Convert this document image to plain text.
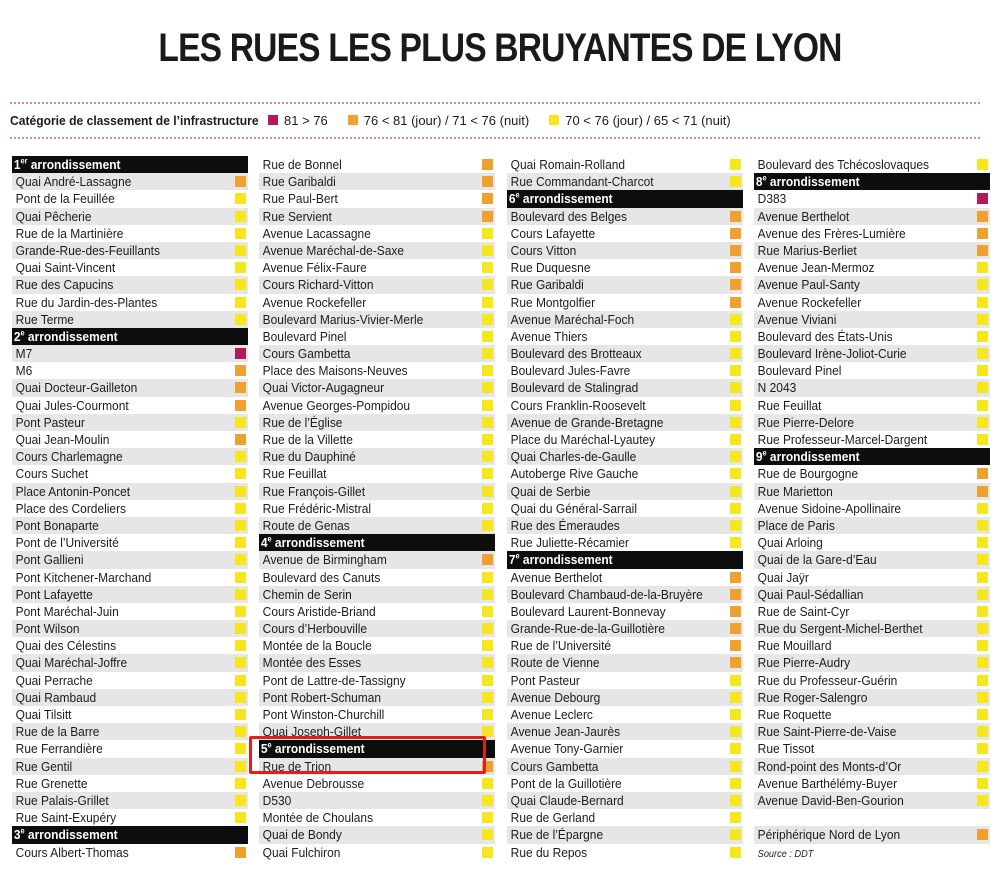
LES RUES LES PLUS BRUYANTES DE LYON
Catégorie de classement de l’infrastructure 81 > 76	76 < 81 (jour) / 71 < 76 (nuit)	70 < 76 (jour) / 65 < 71 (nuit)
1er arrondissement
Quai André-Lassagne
Pont de la Feuillée
Quai Pêcherie
Rue de la Martinière
Grande-Rue-des-Feuillants
Quai Saint-Vincent
Rue des Capucins
Rue du Jardin-des-Plantes
Rue Terme
2e arrondissement
M7
M6
Quai Docteur-Gailleton
Quai Jules-Courmont
Pont Pasteur
Quai Jean-Moulin
Cours Charlemagne
Cours Suchet
Place Antonin-Poncet
Place des Cordeliers
Pont Bonaparte
Pont de l’Université
Pont Gallieni
Pont Kitchener-Marchand
Pont Lafayette
Pont Maréchal-Juin
Pont Wilson
Quai des Célestins
Quai Maréchal-Joffre
Quai Perrache
Quai Rambaud
Quai Tilsitt
Rue de la Barre
Rue Ferrandière
Rue Gentil
Rue Grenette
Rue Palais-Grillet
Rue Saint-Exupéry
3e arrondissement
Cours Albert-Thomas
Rue de Bonnel
Rue Garibaldi
Rue Paul-Bert
Rue Servient
Avenue Lacassagne
Avenue Maréchal-de-Saxe
Avenue Félix-Faure
Cours Richard-Vitton
Avenue Rockefeller
Boulevard Marius-Vivier-Merle
Boulevard Pinel
Cours Gambetta
Place des Maisons-Neuves
Quai Victor-Augagneur
Avenue Georges-Pompidou
Rue de l’Église
Rue de la Villette
Rue du Dauphiné
Rue Feuillat
Rue François-Gillet
Rue Frédéric-Mistral
Route de Genas
4e arrondissement
Avenue de Birmingham
Boulevard des Canuts
Chemin de Serin
Cours Aristide-Briand
Cours d’Herbouville
Montée de la Boucle
Montée des Esses
Pont de Lattre-de-Tassigny
Pont Robert-Schuman
Pont Winston-Churchill
Quai Joseph-Gillet
5e arrondissement
Rue de Trion
Avenue Debrousse
D530
Montée de Choulans
Quai de Bondy
Quai Fulchiron
Quai Romain-Rolland
Rue Commandant-Charcot
6e arrondissement
Boulevard des Belges
Cours Lafayette
Cours Vitton
Rue Duquesne
Rue Garibaldi
Rue Montgolfier
Avenue Maréchal-Foch
Avenue Thiers
Boulevard des Brotteaux
Boulevard Jules-Favre
Boulevard de Stalingrad
Cours Franklin-Roosevelt
Avenue de Grande-Bretagne
Place du Maréchal-Lyautey
Quai Charles-de-Gaulle
Autoberge Rive Gauche
Quai de Serbie
Quai du Général-Sarrail
Rue des Émeraudes
Rue Juliette-Récamier
7e arrondissement
Avenue Berthelot
Boulevard Chambaud-de-la-Bruyère
Boulevard Laurent-Bonnevay
Grande-Rue-de-la-Guillotière
Rue de l’Université
Route de Vienne
Pont Pasteur
Avenue Debourg
Avenue Leclerc
Avenue Jean-Jaurès
Avenue Tony-Garnier
Cours Gambetta
Pont de la Guillotière
Quai Claude-Bernard
Rue de Gerland
Rue de l’Épargne
Rue du Repos
Boulevard des Tchécoslovaques
8e arrondissement
D383
Avenue Berthelot
Avenue des Frères-Lumière
Rue Marius-Berliet
Avenue Jean-Mermoz
Avenue Paul-Santy
Avenue Rockefeller
Avenue Viviani
Boulevard des États-Unis
Boulevard Irène-Joliot-Curie
Boulevard Pinel
N 2043
Rue Feuillat
Rue Pierre-Delore
Rue Professeur-Marcel-Dargent
9e arrondissement
Rue de Bourgogne
Rue Marietton
Avenue Sidoine-Apollinaire
Place de Paris
Quai Arloing
Quai de la Gare-d’Eau
Quai Jaÿr
Quai Paul-Sédallian
Rue de Saint-Cyr
Rue du Sergent-Michel-Berthet
Rue Mouillard
Rue Pierre-Audry
Rue du Professeur-Guérin
Rue Roger-Salengro
Rue Roquette
Rue Saint-Pierre-de-Vaise
Rue Tissot
Rond-point des Monts-d’Or
Avenue Barthélémy-Buyer
Avenue David-Ben-Gourion
Périphérique Nord de Lyon
Source : DDT
